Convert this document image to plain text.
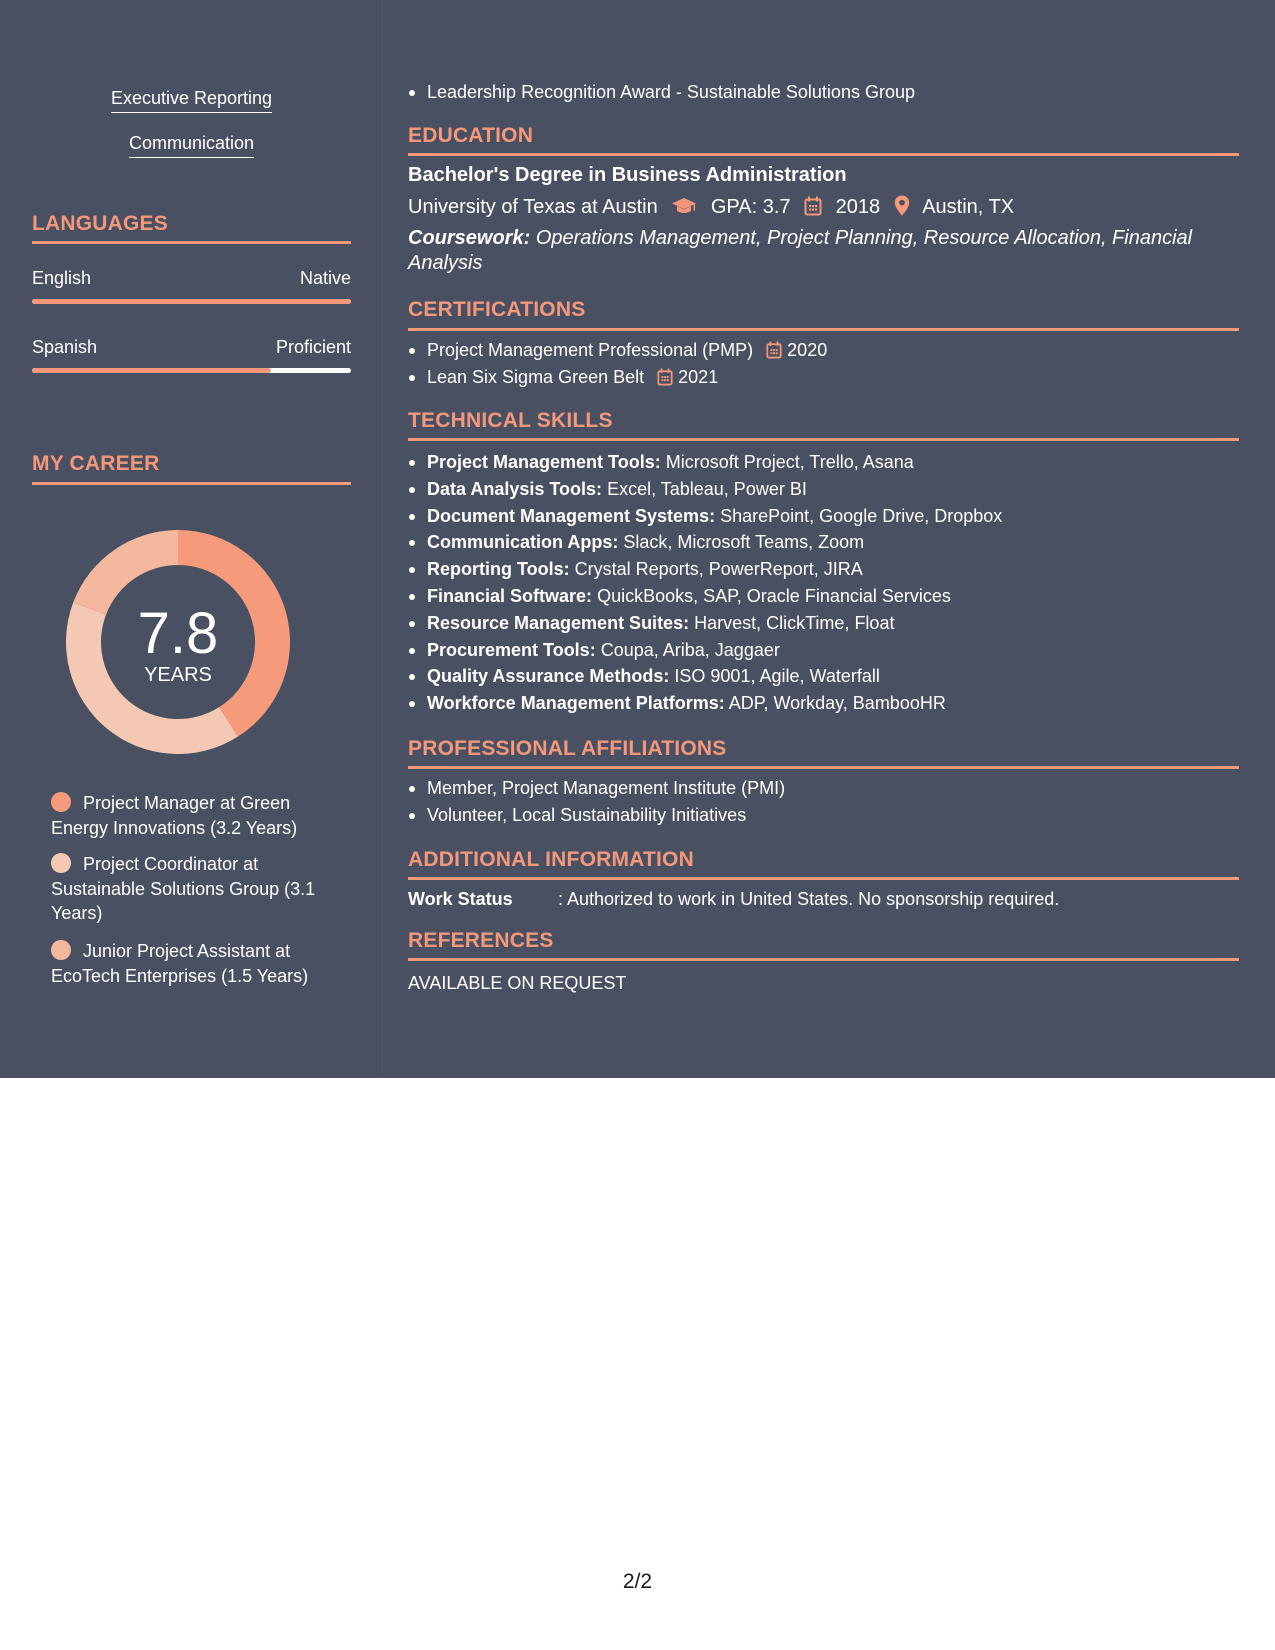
Executive Reporting
Communication
LANGUAGES
English	Native
Spanish	Proficient
MY CAREER
7.8
YEARS
Project Manager at Green Energy Innovations (3.2 Years)
Project Coordinator at Sustainable Solutions Group (3.1 Years)
Junior Project Assistant at EcoTech Enterprises (1.5 Years)
Leadership Recognition Award - Sustainable Solutions Group
EDUCATION
Bachelor's Degree in Business Administration
University of Texas at Austin	GPA: 3.7 2018 Austin, TX
Coursework: Operations Management, Project Planning, Resource Allocation, Financial Analysis
CERTIFICATIONS
Project Management Professional (PMP) 2020
Lean Six Sigma Green Belt 2021
TECHNICAL SKILLS
Project Management Tools: Microsoft Project, Trello, Asana
Data Analysis Tools: Excel, Tableau, Power BI
Document Management Systems: SharePoint, Google Drive, Dropbox
Communication Apps: Slack, Microsoft Teams, Zoom
Reporting Tools: Crystal Reports, PowerReport, JIRA
Financial Software: QuickBooks, SAP, Oracle Financial Services
Resource Management Suites: Harvest, ClickTime, Float
Procurement Tools: Coupa, Ariba, Jaggaer
Quality Assurance Methods: ISO 9001, Agile, Waterfall
Workforce Management Platforms: ADP, Workday, BambooHR
PROFESSIONAL AFFILIATIONS
Member, Project Management Institute (PMI)
Volunteer, Local Sustainability Initiatives
ADDITIONAL INFORMATION
Work Status	: Authorized to work in United States. No sponsorship required.
REFERENCES
AVAILABLE ON REQUEST
2/2
